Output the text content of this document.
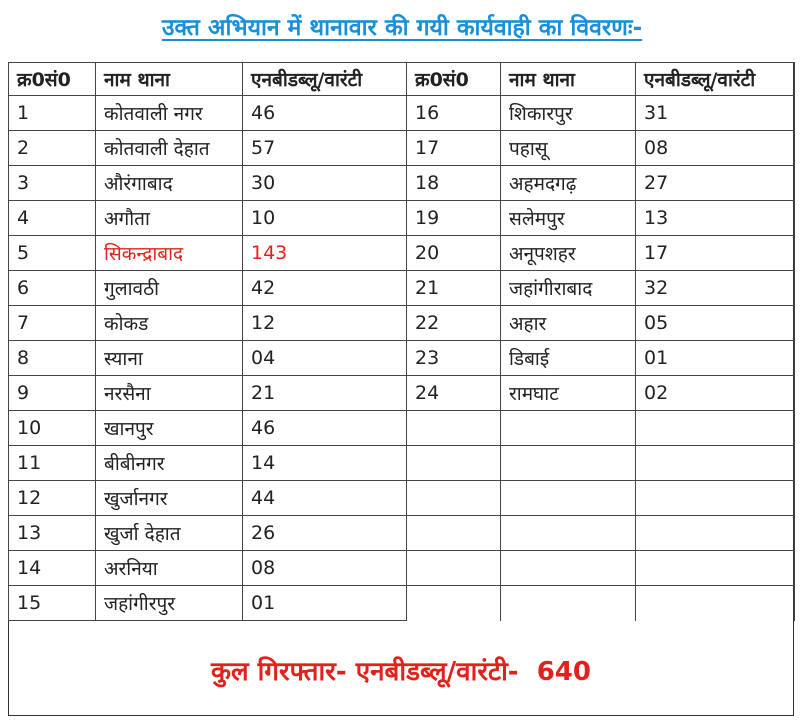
उक्त अभियान में थानावार की गयी कार्यवाही का विवरणः-
क्र0सं0	नाम थाना	एनबीडब्लू/वारंटी	क्र0सं0	नाम थाना	एनबीडब्लू/वारंटी
1	कोतवाली नगर	46	16	शिकारपुर	31
2	कोतवाली देहात	57	17	पहासू	08
3	औरंगाबाद	30	18	अहमदगढ़	27
4	अगौता	10	19	सलेमपुर	13
5	सिकन्द्राबाद	143	20	अनूपशहर	17
6	गुलावठी	42	21	जहांगीराबाद	32
7	कोकड	12	22	अहार	05
8	स्याना	04	23	डिबाई	01
9	नरसैना	21	24	रामघाट	02
10	खानपुर	46			
11	बीबीनगर	14			
12	खुर्जानगर	44			
13	खुर्जा देहात	26			
14	अरनिया	08			
15	जहांगीरपुर	01			
कुल गिरफ्तार- एनबीडब्लू/वारंटी- 640
